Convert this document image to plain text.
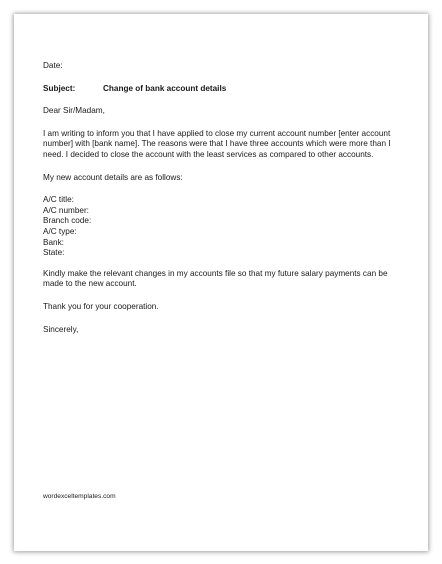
Date:
Subject:	Change of bank account details
Dear Sir/Madam,
I am writing to inform you that I have applied to close my current account number [enter account
number] with [bank name]. The reasons were that I have three accounts which were more than I
need. I decided to close the account with the least services as compared to other accounts.
My new account details are as follows:
A/C title:
A/C number:
Branch code:
A/C type:
Bank:
State:
Kindly make the relevant changes in my accounts file so that my future salary payments can be
made to the new account.
Thank you for your cooperation.
Sincerely,
wordexceltemplates.com
